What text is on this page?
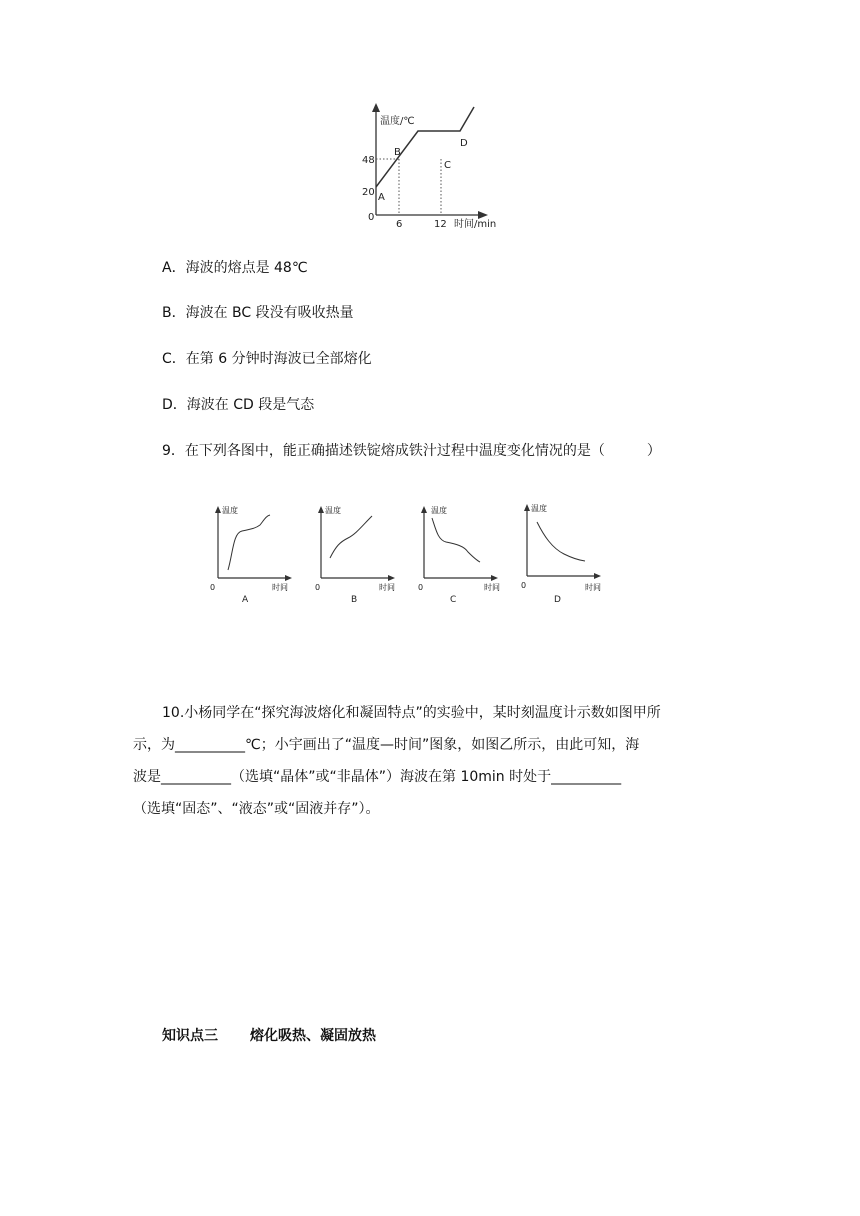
温度/℃
时间/min
0
48
20
6	12
A
B
C
D
A．海波的熔点是 48℃
B．海波在 BC 段没有吸收热量
C．在第 6 分钟时海波已全部熔化
D．海波在 CD 段是气态
9．在下列各图中，能正确描述铁锭熔成铁汁过程中温度变化情况的是（　　　）
温度
时间
0
A
温度
时间
0
B
温度
时间
0
C
温度
时间
0
D
10.小杨同学在“探究海波熔化和凝固特点”的实验中，某时刻温度计示数如图甲所
示，为__________℃；小宇画出了“温度—时间”图象，如图乙所示，由此可知，海
波是__________（选填“晶体”或“非晶体”）海波在第 10min 时处于__________
（选填“固态”、“液态”或“固液并存”）。
知识点三 熔化吸热、凝固放热
